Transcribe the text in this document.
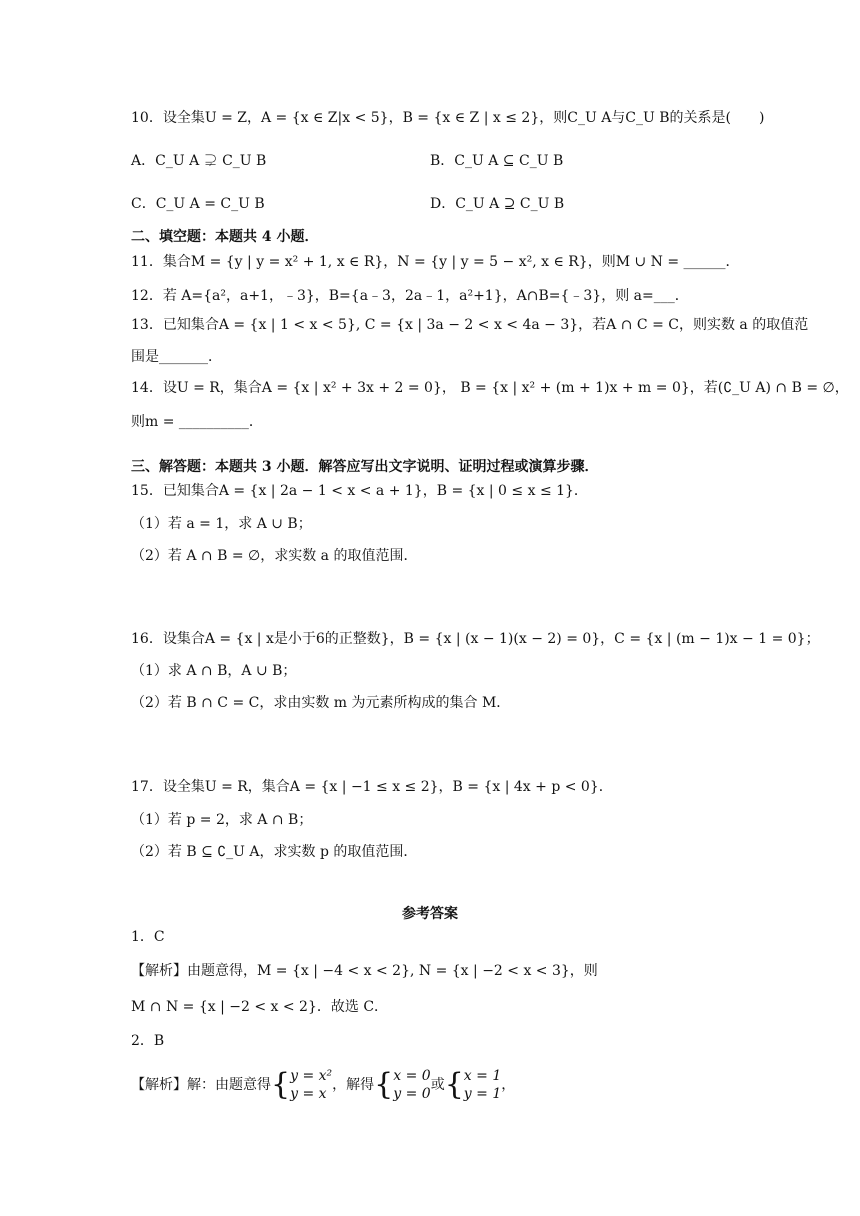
10．设全集U = Z，A = {x ∈ Z|x < 5}，B = {x ∈ Z | x ≤ 2}，则C_U A与C_U B的关系是(　　)
A．C_U A ⊋ C_U B	B．C_U A ⊆ C_U B
C．C_U A = C_U B	D．C_U A ⊇ C_U B
二、填空题：本题共 4 小题．
11．集合M = {y | y = x² + 1, x ∈ R}，N = {y | y = 5 − x², x ∈ R}，则M ∪ N = ______．
12．若 A={a²，a+1，﹣3}，B={a﹣3，2a﹣1，a²+1}，A∩B={﹣3}，则 a=___．
13．已知集合A = {x | 1 < x < 5}, C = {x | 3a − 2 < x < 4a − 3}，若A ∩ C = C，则实数 a 的取值范
围是_______．
14．设U = R，集合A = {x | x² + 3x + 2 = 0}， B = {x | x² + (m + 1)x + m = 0}，若(∁_U A) ∩ B = ∅，
则m = __________．
三、解答题：本题共 3 小题．解答应写出文字说明、证明过程或演算步骤．
15．已知集合A = {x | 2a − 1 < x < a + 1}，B = {x | 0 ≤ x ≤ 1}．
（1）若 a = 1，求 A ∪ B；
（2）若 A ∩ B = ∅，求实数 a 的取值范围．
16．设集合A = {x | x是小于6的正整数}，B = {x | (x − 1)(x − 2) = 0}，C = {x | (m − 1)x − 1 = 0}；
（1）求 A ∩ B，A ∪ B；
（2）若 B ∩ C = C，求由实数 m 为元素所构成的集合 M．
17．设全集U = R，集合A = {x | −1 ≤ x ≤ 2}，B = {x | 4x + p < 0}．
（1）若 p = 2，求 A ∩ B；
（2）若 B ⊆ ∁_U A，求实数 p 的取值范围．
参考答案
1．C
【解析】由题意得，M = {x | −4 < x < 2}, N = {x | −2 < x < 3}，则
M ∩ N = {x | −2 < x < 2}．故选 C．
2．B
【解析】解：由题意得{ y = x²
y = x
，解得{ x = 0
y = 0
或{ x = 1
y = 1
，
